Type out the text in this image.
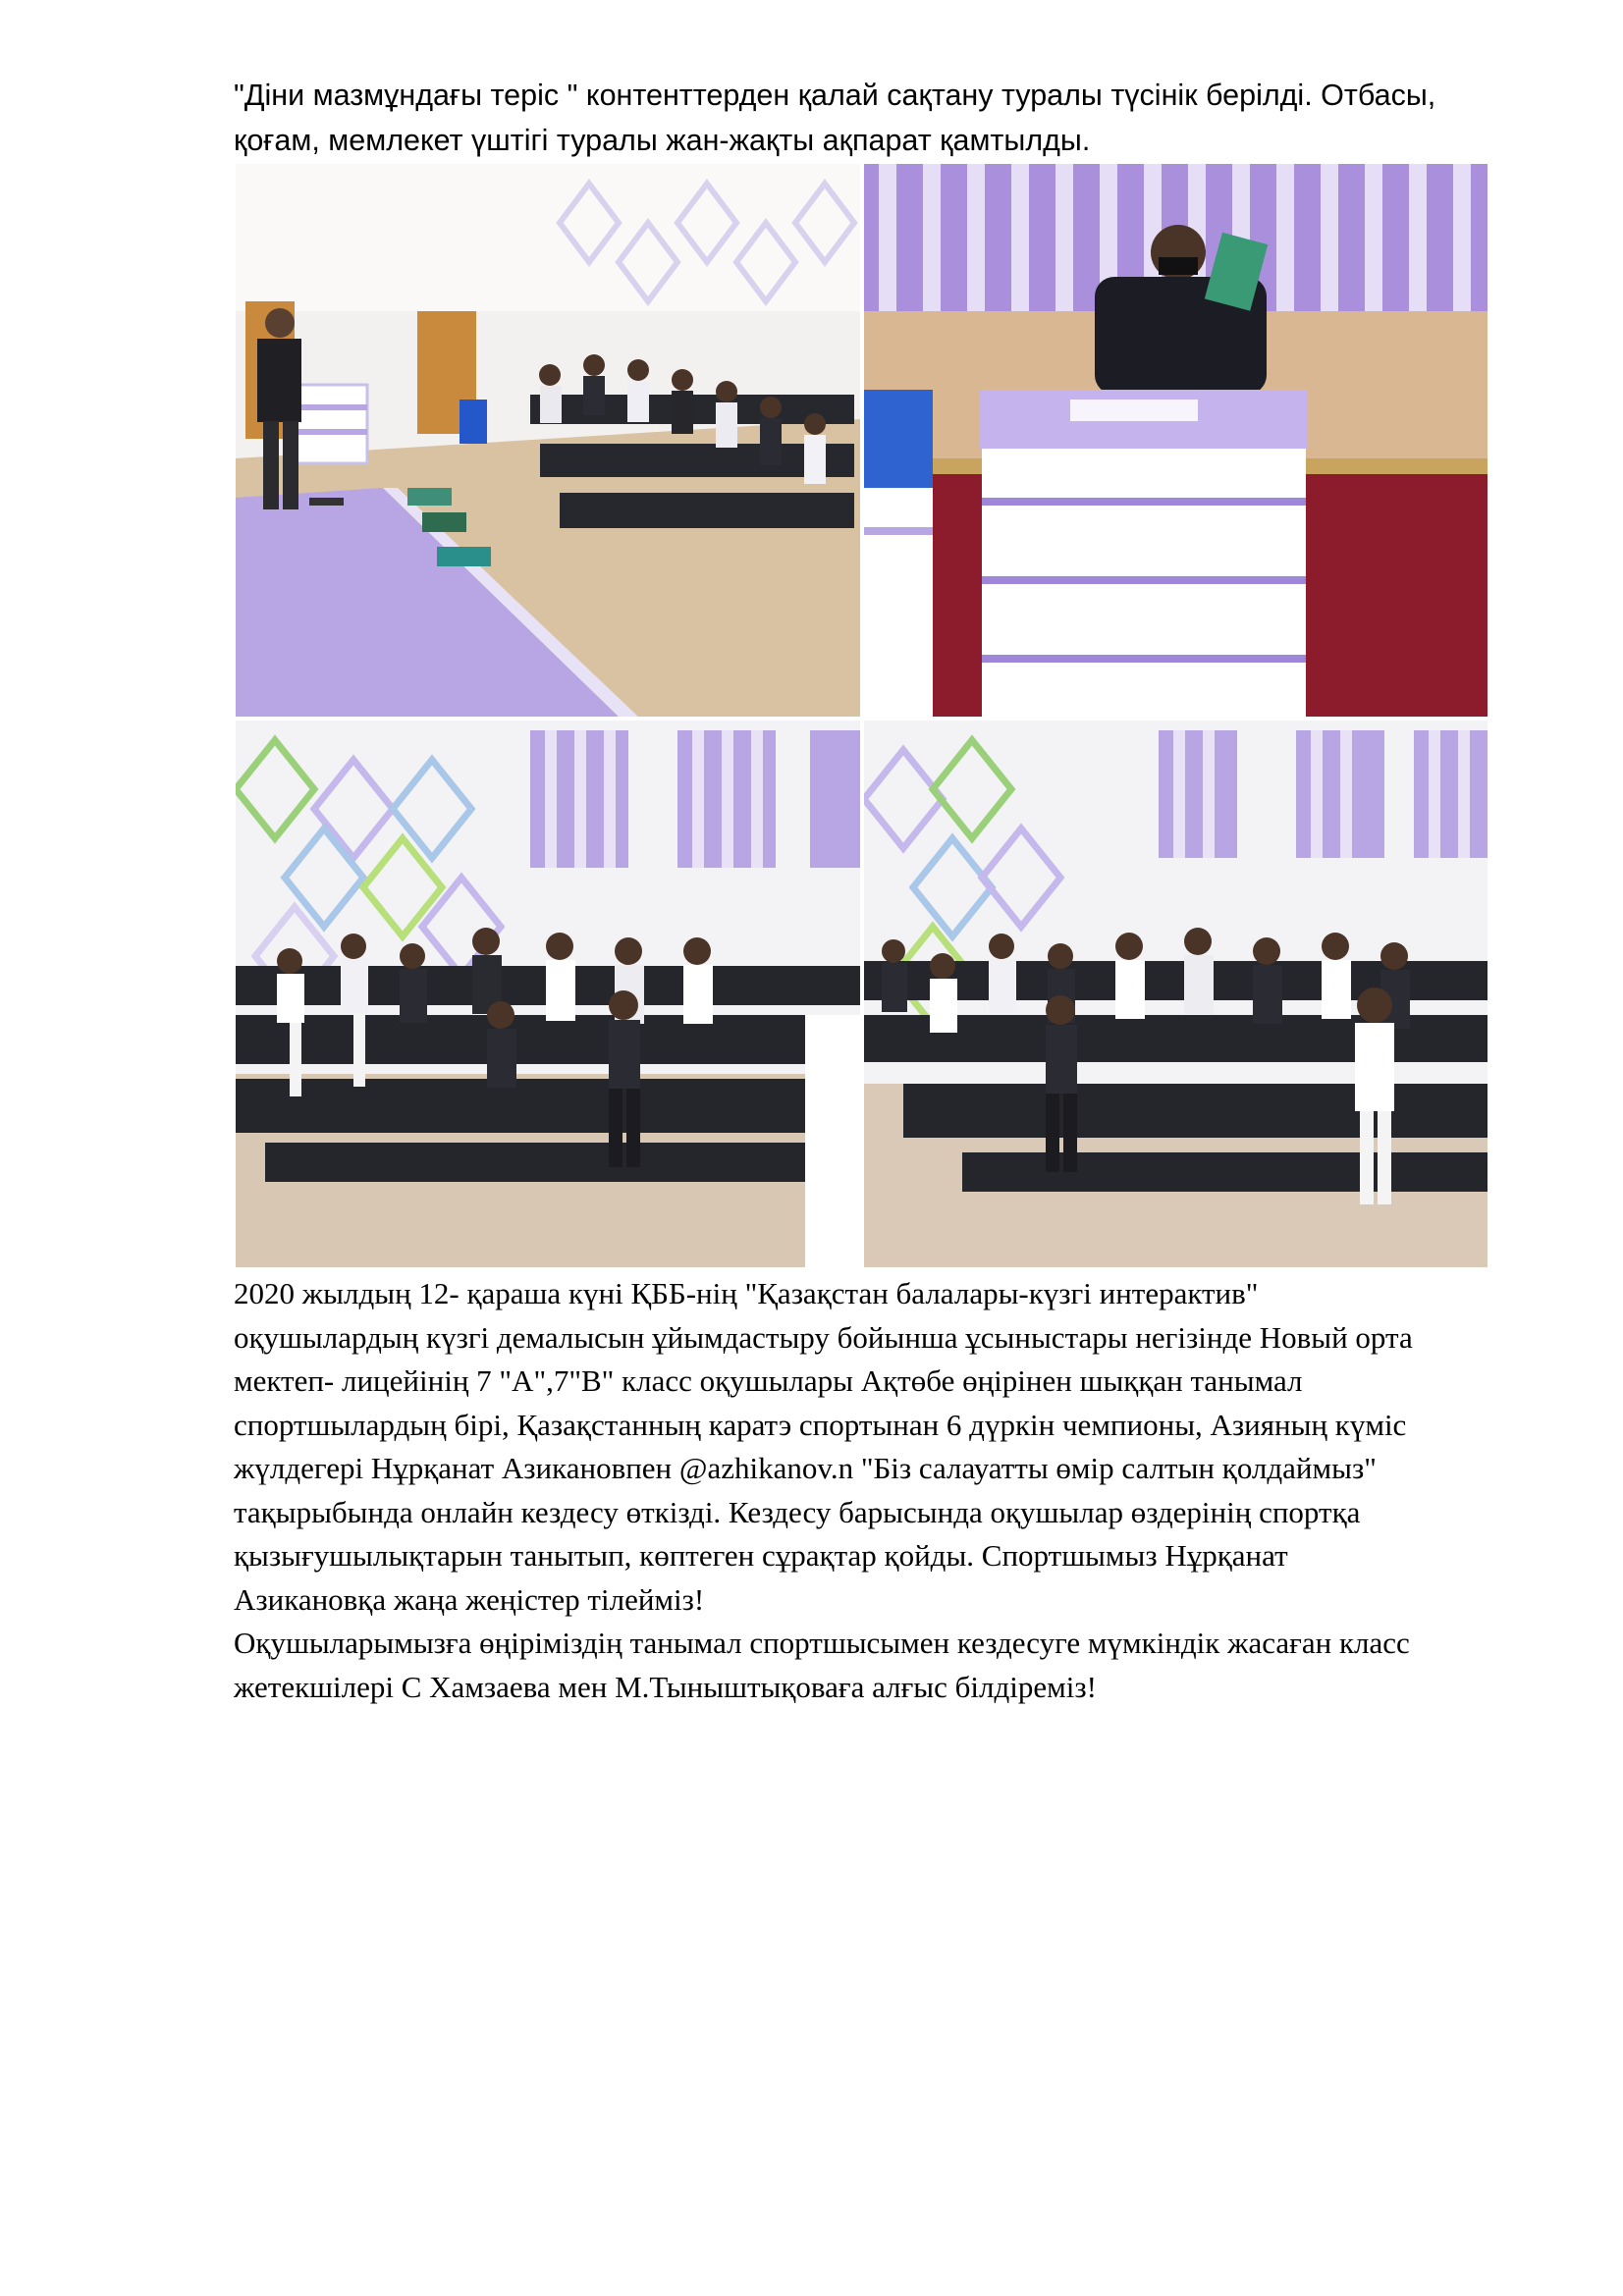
"Діни мазмұндағы теріс " контенттерден қалай сақтану туралы түсінік берілді. Отбасы,

қоғам, мемлекет үштігі туралы жан-жақты ақпарат қамтылды.

2020 жылдың 12- қараша күні ҚББ-нің "Қазақстан балалары-күзгі интерактив"

оқушылардың күзгі демалысын ұйымдастыру бойынша ұсыныстары негізінде Новый орта

мектеп- лицейінің 7 "А",7"В" класс оқушылары Ақтөбе өңірінен шыққан танымал

спортшылардың бірі, Қазақстанның каратэ спортынан 6 дүркін чемпионы, Азияның күміс

жүлдегері Нұрқанат Азикановпен @azhikanov.n "Біз салауатты өмір салтын қолдаймыз"

тақырыбында онлайн кездесу өткізді. Кездесу барысында оқушылар өздерінің спортқа

қызығушылықтарын танытып, көптеген сұрақтар қойды. Спортшымыз Нұрқанат

Азикановқа жаңа жеңістер тілейміз!

Оқушыларымызға өңіріміздің танымал спортшысымен кездесуге мүмкіндік жасаған класс

жетекшілері С Хамзаева мен М.Тыныштықоваға алғыс білдіреміз!
